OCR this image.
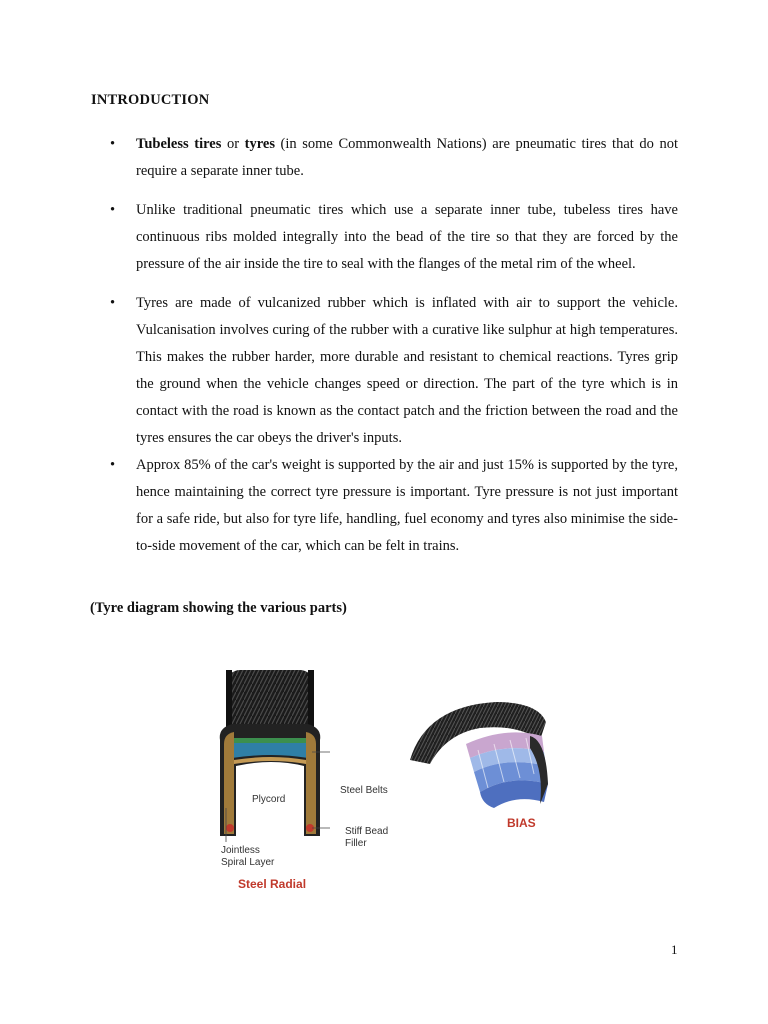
INTRODUCTION
• Tubeless tires or tyres (in some Commonwealth Nations) are pneumatic tires that do not require a separate inner tube.
• Unlike traditional pneumatic tires which use a separate inner tube, tubeless tires have continuous ribs molded integrally into the bead of the tire so that they are forced by the pressure of the air inside the tire to seal with the flanges of the metal rim of the wheel.
• Tyres are made of vulcanized rubber which is inflated with air to support the vehicle. Vulcanisation involves curing of the rubber with a curative like sulphur at high temperatures. This makes the rubber harder, more durable and resistant to chemical reactions. Tyres grip the ground when the vehicle changes speed or direction. The part of the tyre which is in contact with the road is known as the contact patch and the friction between the road and the tyres ensures the car obeys the driver's inputs.
• Approx 85% of the car's weight is supported by the air and just 15% is supported by the tyre, hence maintaining the correct tyre pressure is important. Tyre pressure is not just important for a safe ride, but also for tyre life, handling, fuel economy and tyres also minimise the side-to-side movement of the car, which can be felt in trains.
(Tyre diagram showing the various parts)
Plycord
Steel Belts
Stiff Bead Filler
Jointless Spiral Layer
Steel Radial
BIAS
1
